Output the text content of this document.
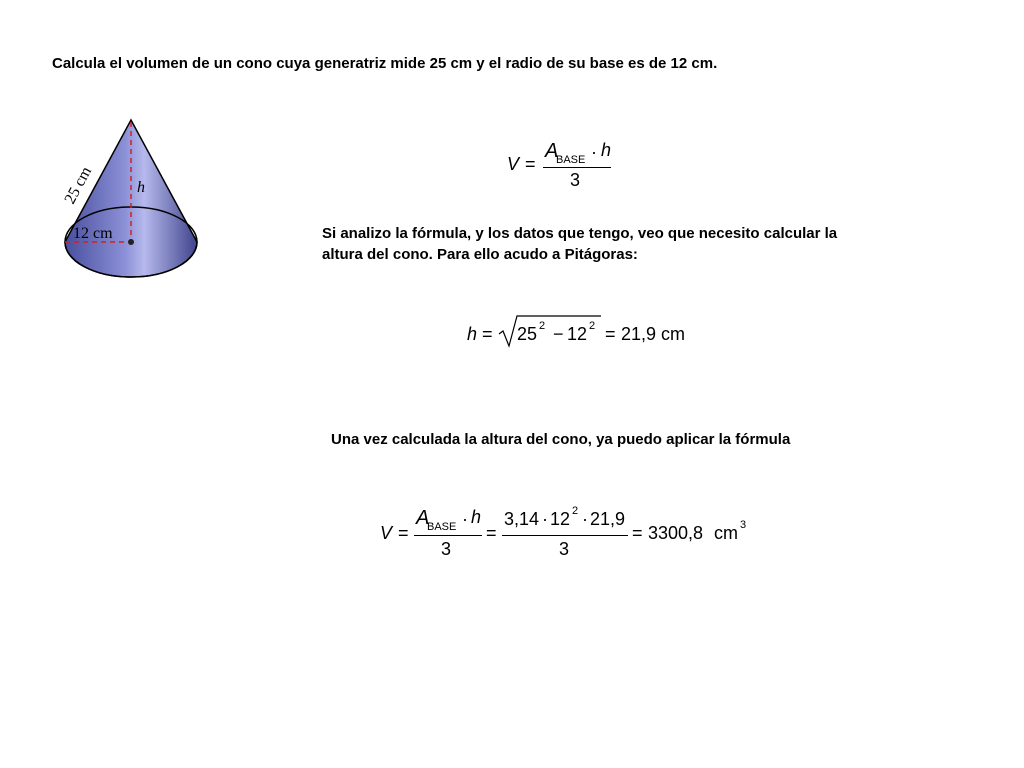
Calcula el volumen de un cono cuya generatriz mide 25 cm y el radio de su base es de 12 cm.
25 cm	h
12 cm
V =
A
BASE · h
3
Si analizo la fórmula, y los datos que tengo, veo que necesito calcular la altura del cono. Para ello acudo a Pitágoras:
h = 25 2 − 12 2 = 21,9 cm
Una vez calculada la altura del cono, ya puedo aplicar la fórmula
V =
A
BASE · h
3
=
3,14 · 12 2 · 21,9
3
= 3300,8 cm 3
